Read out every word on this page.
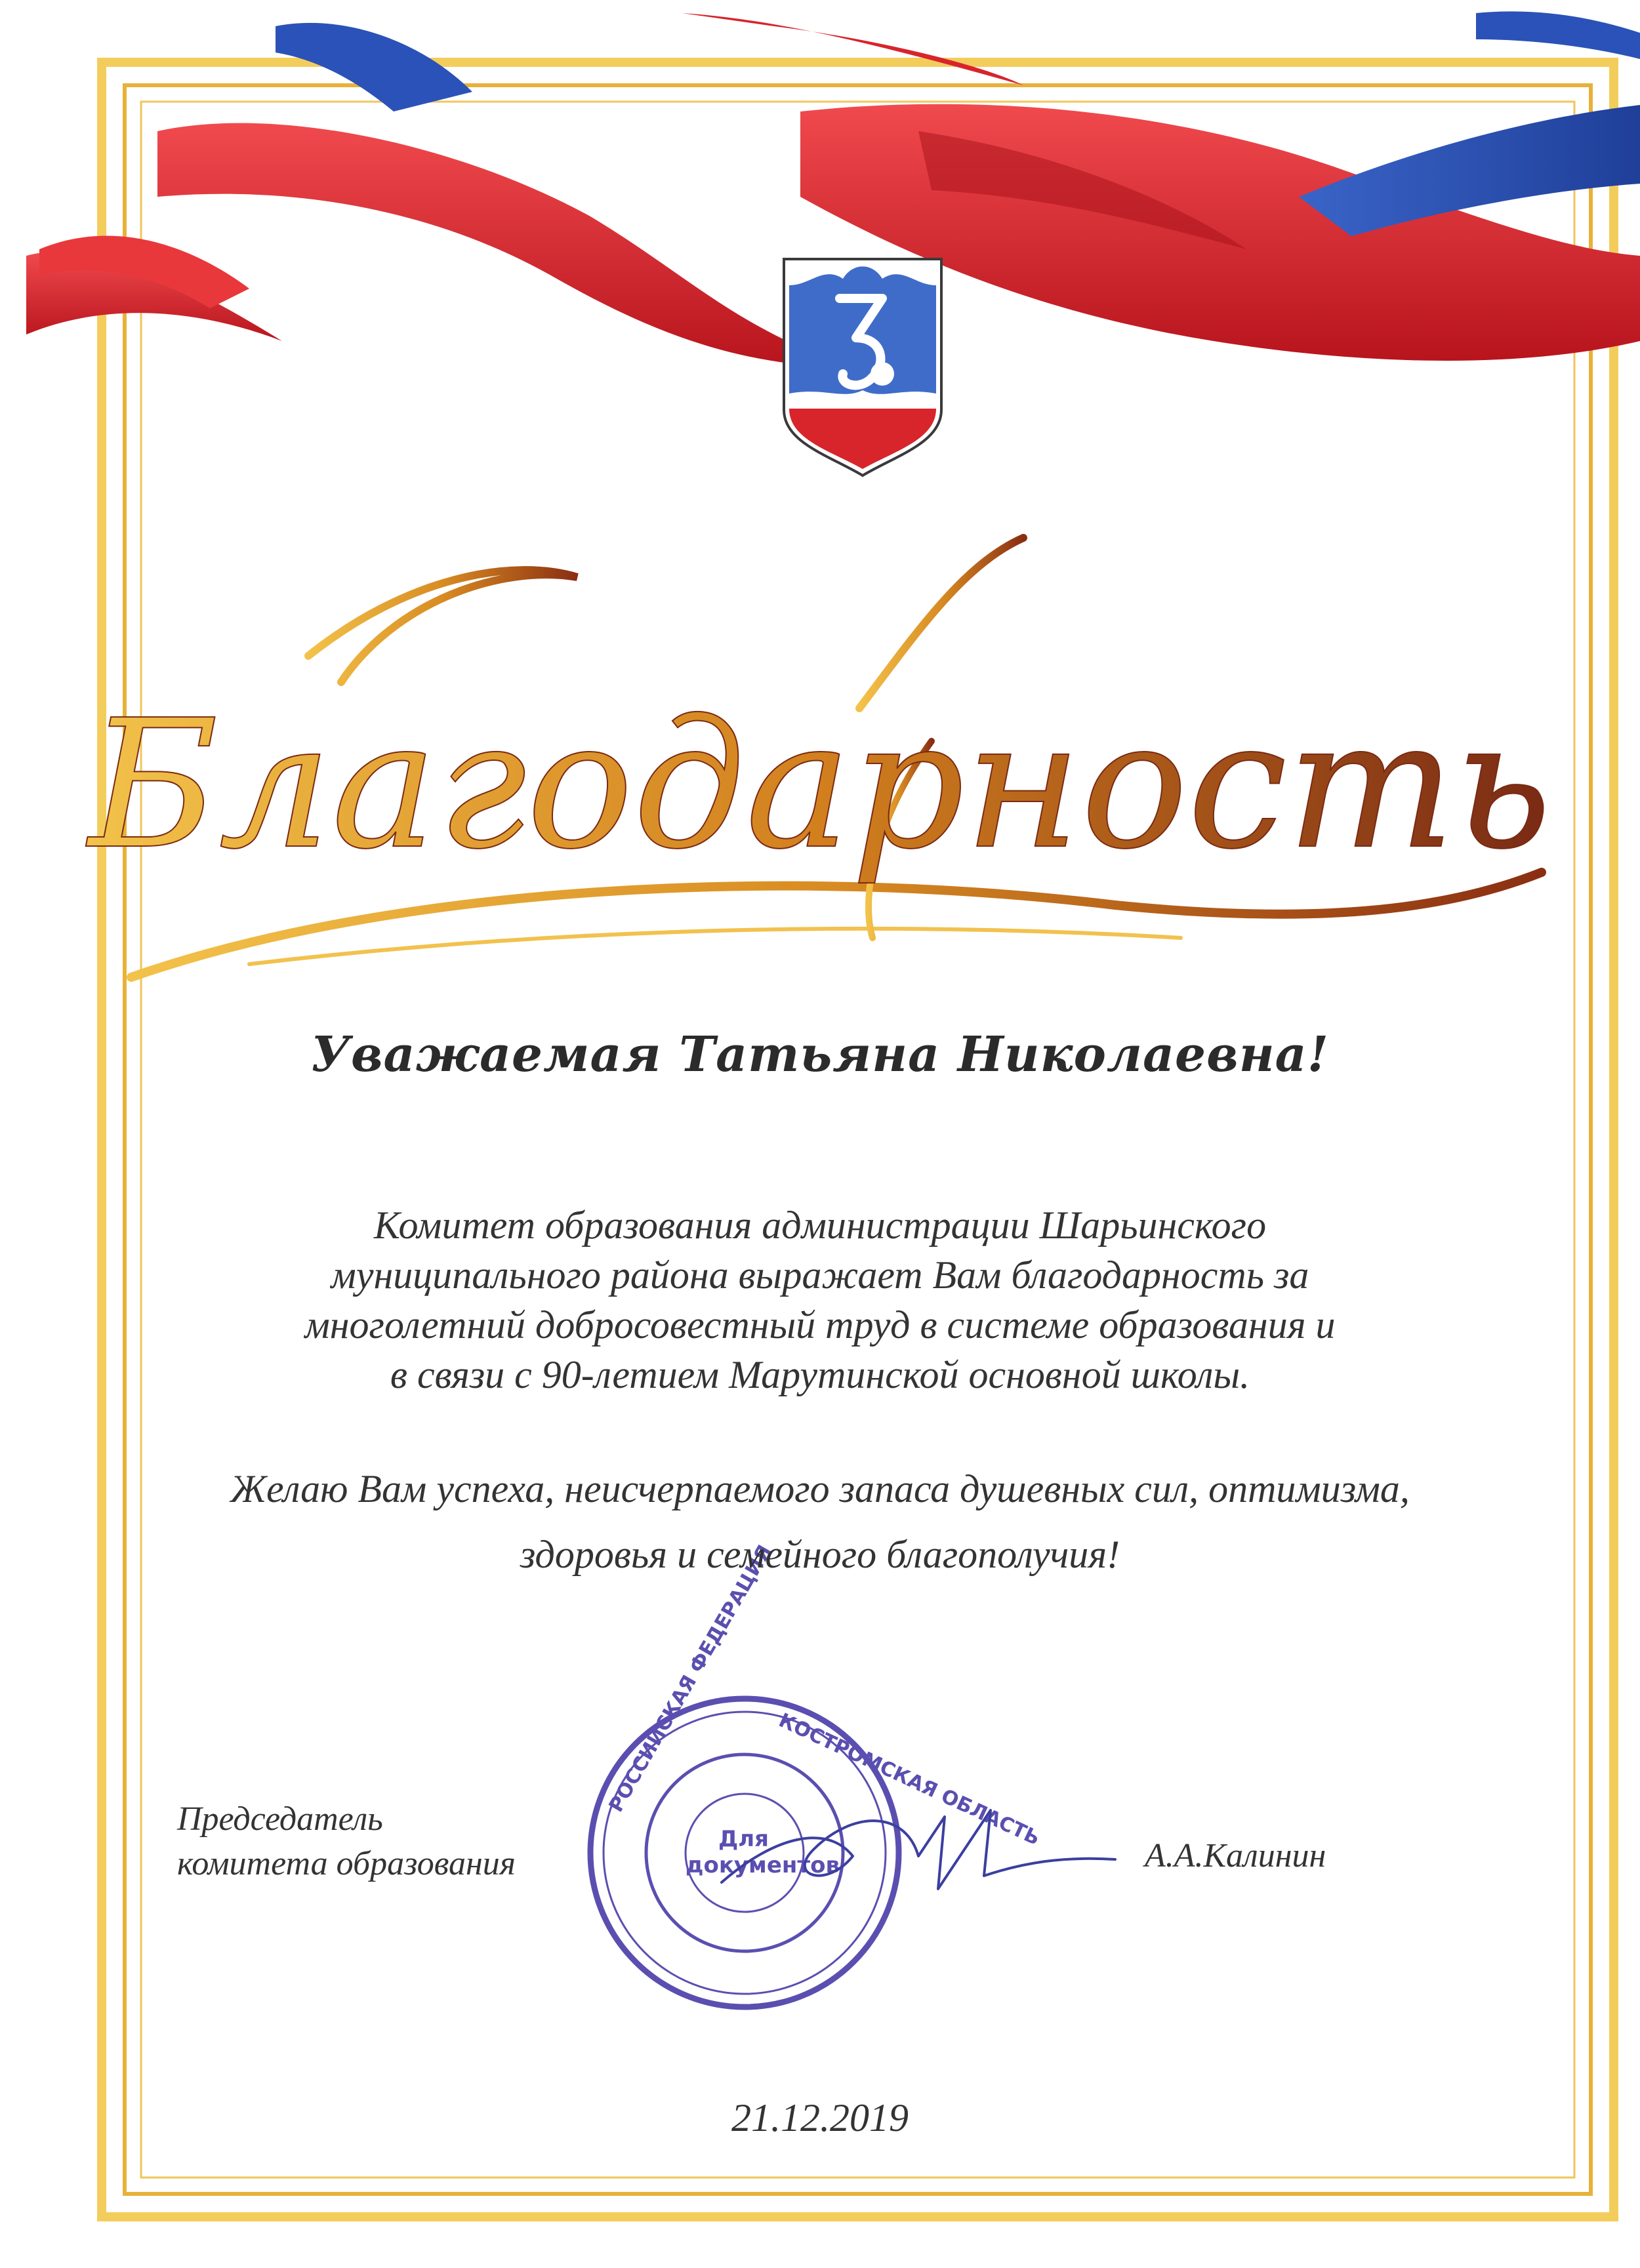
РОССИЙСКАЯ ФЕДЕРАЦИЯ
КОСТРОМСКАЯ ОБЛАСТЬ
Для
документов
Благодарность
Уважаемая Татьяна Николаевна!
Комитет образования администрации Шарьинского
муниципального района выражает Вам благодарность за
многолетний добросовестный труд в системе образования и
в связи с 90-летием Марутинской основной школы.
Желаю Вам успеха, неисчерпаемого запаса душевных сил, оптимизма,
здоровья и семейного благополучия!
Председатель
комитета образования	А.А.Калинин
21.12.2019
